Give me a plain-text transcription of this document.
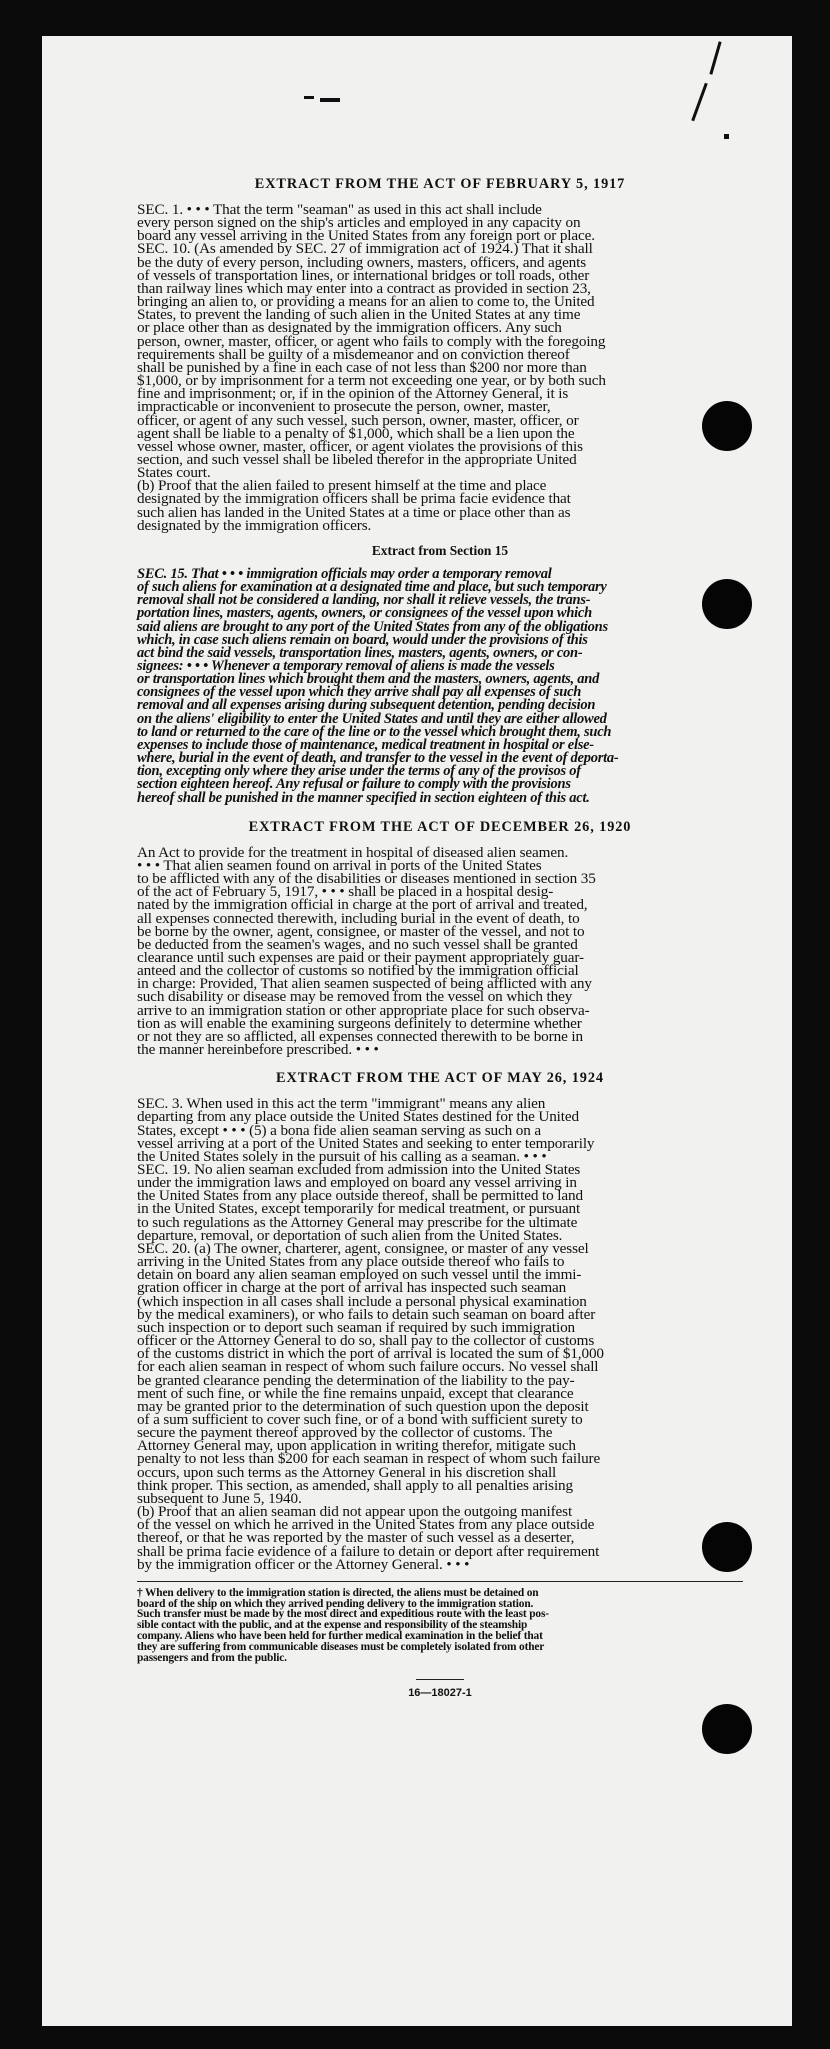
EXTRACT FROM THE ACT OF FEBRUARY 5, 1917

SEC. 1. • • • That the term "seaman" as used in this act shall include
every person signed on the ship's articles and employed in any capacity on
board any vessel arriving in the United States from any foreign port or place.
SEC. 10. (As amended by SEC. 27 of immigration act of 1924.) That it shall
be the duty of every person, including owners, masters, officers, and agents
of vessels of transportation lines, or international bridges or toll roads, other
than railway lines which may enter into a contract as provided in section 23,
bringing an alien to, or providing a means for an alien to come to, the United
States, to prevent the landing of such alien in the United States at any time
or place other than as designated by the immigration officers. Any such
person, owner, master, officer, or agent who fails to comply with the foregoing
requirements shall be guilty of a misdemeanor and on conviction thereof
shall be punished by a fine in each case of not less than $200 nor more than
$1,000, or by imprisonment for a term not exceeding one year, or by both such
fine and imprisonment; or, if in the opinion of the Attorney General, it is
impracticable or inconvenient to prosecute the person, owner, master,
officer, or agent of any such vessel, such person, owner, master, officer, or
agent shall be liable to a penalty of $1,000, which shall be a lien upon the
vessel whose owner, master, officer, or agent violates the provisions of this
section, and such vessel shall be libeled therefor in the appropriate United
States court.

(b) Proof that the alien failed to present himself at the time and place
designated by the immigration officers shall be prima facie evidence that
such alien has landed in the United States at a time or place other than as
designated by the immigration officers.

Extract from Section 15

SEC. 15. That • • • immigration officials may order a temporary removal
of such aliens for examination at a designated time and place, but such temporary
removal shall not be considered a landing, nor shall it relieve vessels, the trans-
portation lines, masters, agents, owners, or consignees of the vessel upon which
said aliens are brought to any port of the United States from any of the obligations
which, in case such aliens remain on board, would under the provisions of this
act bind the said vessels, transportation lines, masters, agents, owners, or con-
signees: • • • Whenever a temporary removal of aliens is made the vessels
or transportation lines which brought them and the masters, owners, agents, and
consignees of the vessel upon which they arrive shall pay all expenses of such
removal and all expenses arising during subsequent detention, pending decision
on the aliens' eligibility to enter the United States and until they are either allowed
to land or returned to the care of the line or to the vessel which brought them, such
expenses to include those of maintenance, medical treatment in hospital or else-
where, burial in the event of death, and transfer to the vessel in the event of deporta-
tion, excepting only where they arise under the terms of any of the provisos of
section eighteen hereof. Any refusal or failure to comply with the provisions
hereof shall be punished in the manner specified in section eighteen of this act.

EXTRACT FROM THE ACT OF DECEMBER 26, 1920

An Act to provide for the treatment in hospital of diseased alien seamen.
• • • That alien seamen found on arrival in ports of the United States
to be afflicted with any of the disabilities or diseases mentioned in section 35
of the act of February 5, 1917, • • • shall be placed in a hospital desig-
nated by the immigration official in charge at the port of arrival and treated,
all expenses connected therewith, including burial in the event of death, to
be borne by the owner, agent, consignee, or master of the vessel, and not to
be deducted from the seamen's wages, and no such vessel shall be granted
clearance until such expenses are paid or their payment appropriately guar-
anteed and the collector of customs so notified by the immigration official
in charge: Provided, That alien seamen suspected of being afflicted with any
such disability or disease may be removed from the vessel on which they
arrive to an immigration station or other appropriate place for such observa-
tion as will enable the examining surgeons definitely to determine whether
or not they are so afflicted, all expenses connected therewith to be borne in
the manner hereinbefore prescribed. • • •

EXTRACT FROM THE ACT OF MAY 26, 1924

SEC. 3. When used in this act the term "immigrant" means any alien
departing from any place outside the United States destined for the United
States, except • • • (5) a bona fide alien seaman serving as such on a
vessel arriving at a port of the United States and seeking to enter temporarily
the United States solely in the pursuit of his calling as a seaman. • • •
SEC. 19. No alien seaman excluded from admission into the United States
under the immigration laws and employed on board any vessel arriving in
the United States from any place outside thereof, shall be permitted to land
in the United States, except temporarily for medical treatment, or pursuant
to such regulations as the Attorney General may prescribe for the ultimate
departure, removal, or deportation of such alien from the United States.
SEC. 20. (a) The owner, charterer, agent, consignee, or master of any vessel
arriving in the United States from any place outside thereof who fails to
detain on board any alien seaman employed on such vessel until the immi-
gration officer in charge at the port of arrival has inspected such seaman
(which inspection in all cases shall include a personal physical examination
by the medical examiners), or who fails to detain such seaman on board after
such inspection or to deport such seaman if required by such immigration
officer or the Attorney General to do so, shall pay to the collector of customs
of the customs district in which the port of arrival is located the sum of $1,000
for each alien seaman in respect of whom such failure occurs. No vessel shall
be granted clearance pending the determination of the liability to the pay-
ment of such fine, or while the fine remains unpaid, except that clearance
may be granted prior to the determination of such question upon the deposit
of a sum sufficient to cover such fine, or of a bond with sufficient surety to
secure the payment thereof approved by the collector of customs. The
Attorney General may, upon application in writing therefor, mitigate such
penalty to not less than $200 for each seaman in respect of whom such failure
occurs, upon such terms as the Attorney General in his discretion shall
think proper. This section, as amended, shall apply to all penalties arising
subsequent to June 5, 1940.
(b) Proof that an alien seaman did not appear upon the outgoing manifest
of the vessel on which he arrived in the United States from any place outside
thereof, or that he was reported by the master of such vessel as a deserter,
shall be prima facie evidence of a failure to detain or deport after requirement
by the immigration officer or the Attorney General. • • •

† When delivery to the immigration station is directed, the aliens must be detained on
board of the ship on which they arrived pending delivery to the immigration station.
Such transfer must be made by the most direct and expeditious route with the least pos-
sible contact with the public, and at the expense and responsibility of the steamship
company. Aliens who have been held for further medical examination in the belief that
they are suffering from communicable diseases must be completely isolated from other
passengers and from the public.
16—18027-1
